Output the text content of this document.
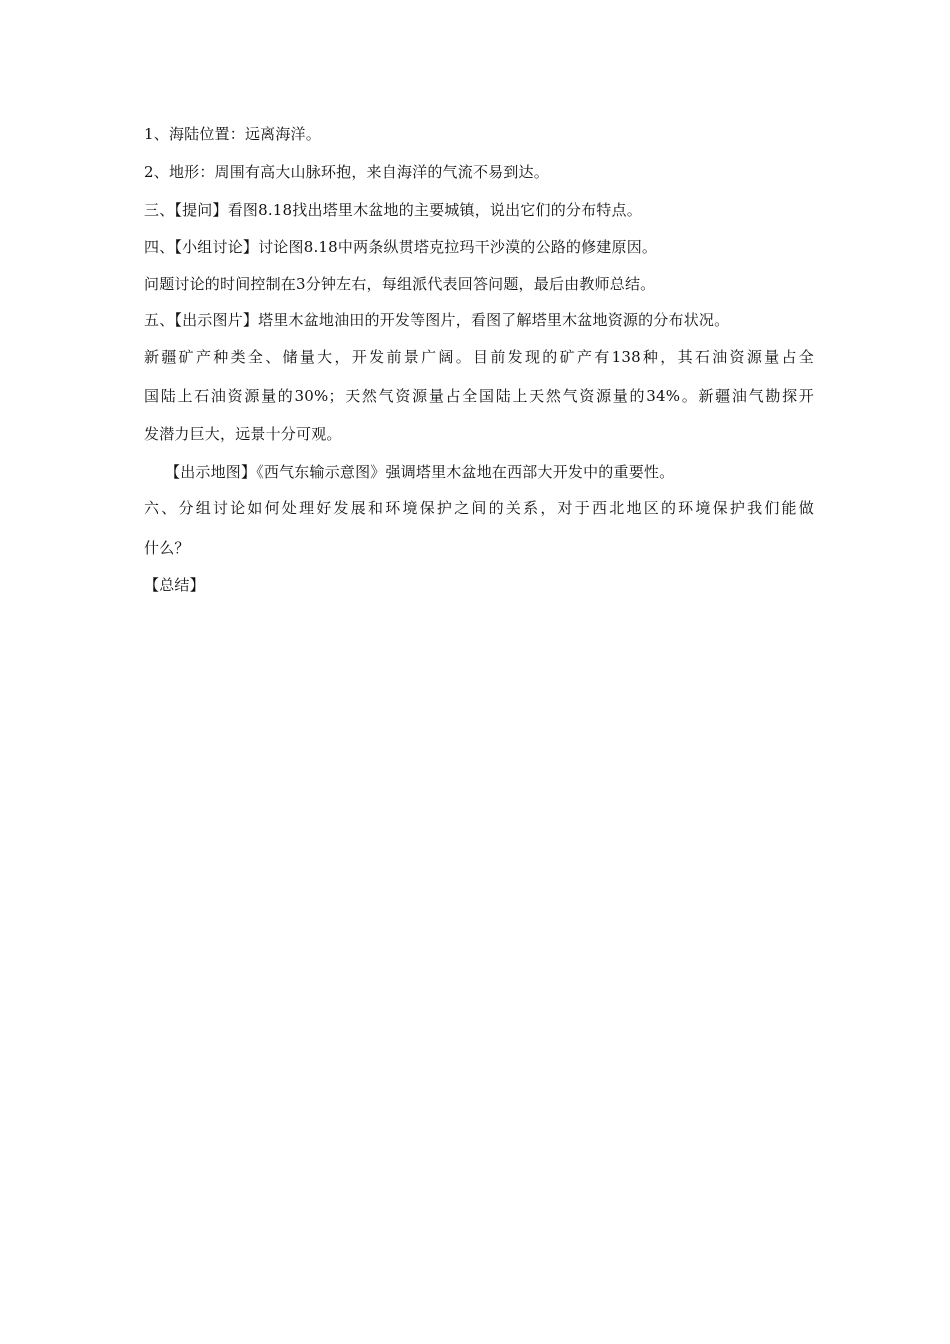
1、海陆位置：远离海洋。
2、地形：周围有高大山脉环抱，来自海洋的气流不易到达。
三、【提问】看图8.18找出塔里木盆地的主要城镇，说出它们的分布特点。
四、【小组讨论】讨论图8.18中两条纵贯塔克拉玛干沙漠的公路的修建原因。
问题讨论的时间控制在3分钟左右，每组派代表回答问题，最后由教师总结。
五、【出示图片】塔里木盆地油田的开发等图片，看图了解塔里木盆地资源的分布状况。
新疆矿产种类全、储量大，开发前景广阔。目前发现的矿产有138种，其石油资源量占全
国陆上石油资源量的30%；天然气资源量占全国陆上天然气资源量的34%。新疆油气勘探开
发潜力巨大，远景十分可观。
【出示地图】《西气东输示意图》强调塔里木盆地在西部大开发中的重要性。
六、分组讨论如何处理好发展和环境保护之间的关系，对于西北地区的环境保护我们能做
什么？
【总结】
